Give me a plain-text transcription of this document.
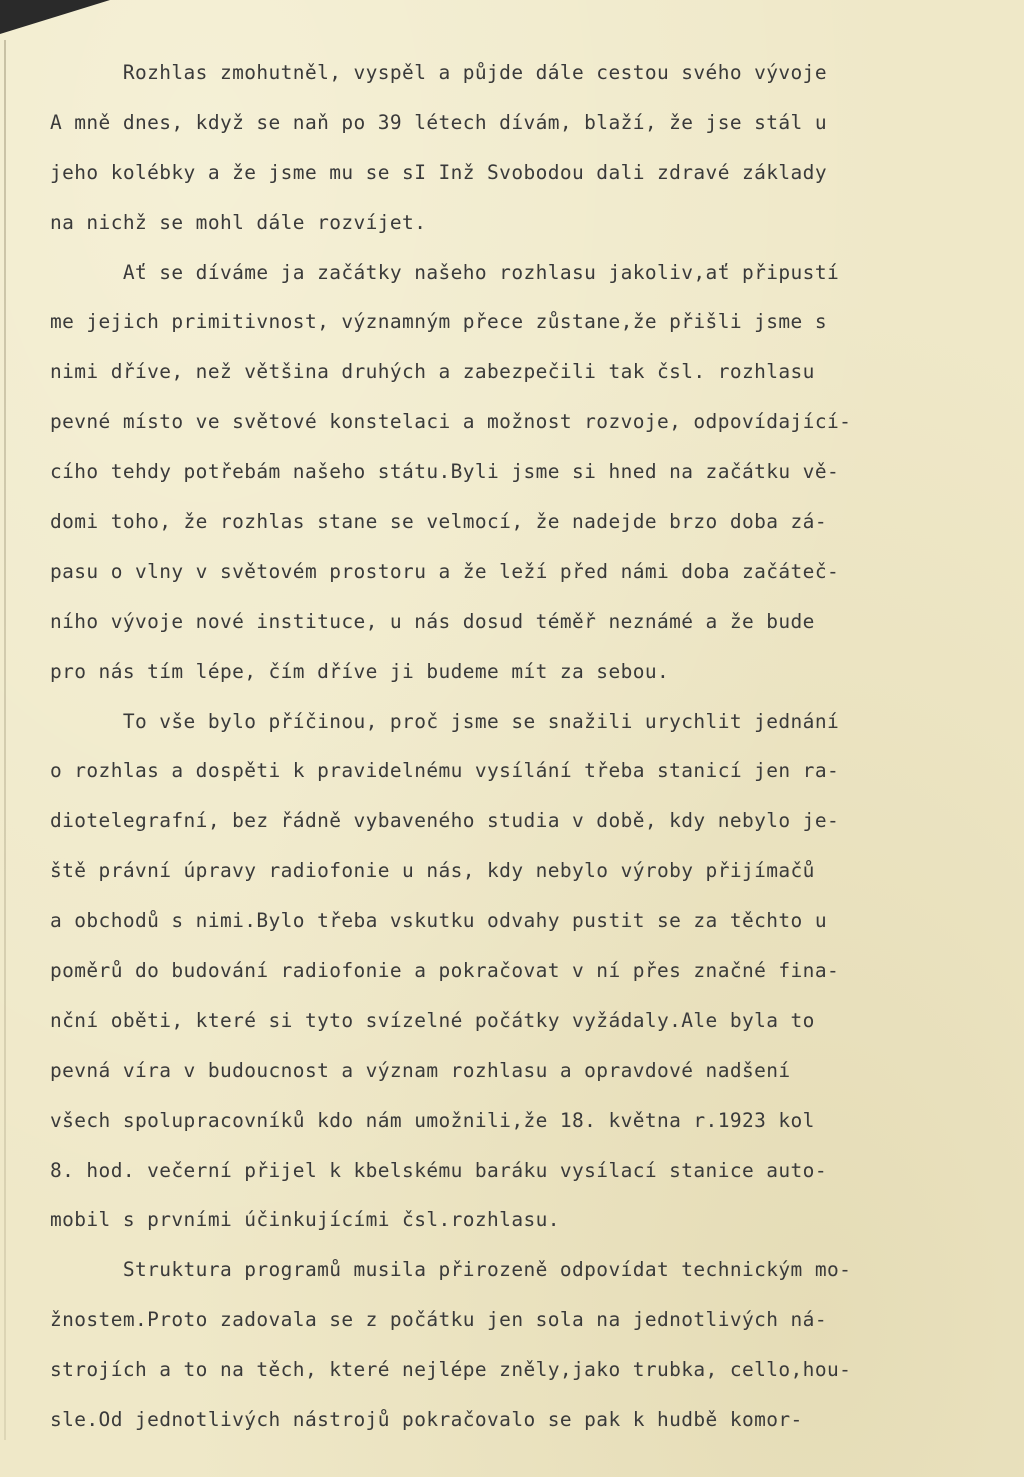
Rozhlas zmohutněl, vyspěl a půjde dále cestou svého vývoje
A mně dnes, když se naň po 39 létech dívám, blaží, že jse stál u
jeho kolébky a že jsme mu se sI Inž Svobodou dali zdravé základy
na nichž se mohl dále rozvíjet.
Ať se díváme ja začátky našeho rozhlasu jakoliv,ať připustí
me jejich primitivnost, významným přece zůstane,že přišli jsme s
nimi dříve, než většina druhých a zabezpečili tak čsl. rozhlasu
pevné místo ve světové konstelaci a možnost rozvoje, odpovídající-
cího tehdy potřebám našeho státu.Byli jsme si hned na začátku vě-
domi toho, že rozhlas stane se velmocí, že nadejde brzo doba zá-
pasu o vlny v světovém prostoru a že leží před námi doba začáteč-
ního vývoje nové instituce, u nás dosud téměř neznámé a že bude
pro nás tím lépe, čím dříve ji budeme mít za sebou.
To vše bylo příčinou, proč jsme se snažili urychlit jednání
o rozhlas a dospěti k pravidelnému vysílání třeba stanicí jen ra-
diotelegrafní, bez řádně vybaveného studia v době, kdy nebylo je-
ště právní úpravy radiofonie u nás, kdy nebylo výroby přijímačů
a obchodů s nimi.Bylo třeba vskutku odvahy pustit se za těchto u
poměrů do budování radiofonie a pokračovat v ní přes značné fina-
nční oběti, které si tyto svízelné počátky vyžádaly.Ale byla to
pevná víra v budoucnost a význam rozhlasu a opravdové nadšení
všech spolupracovníků kdo nám umožnili,že 18. května r.1923 kol
8. hod. večerní přijel k kbelskému baráku vysílací stanice auto-
mobil s prvními účinkujícími čsl.rozhlasu.
Struktura programů musila přirozeně odpovídat technickým mo-
žnostem.Proto zadovala se z počátku jen sola na jednotlivých ná-
strojích a to na těch, které nejlépe zněly,jako trubka, cello,hou-
sle.Od jednotlivých nástrojů pokračovalo se pak k hudbě komor-
